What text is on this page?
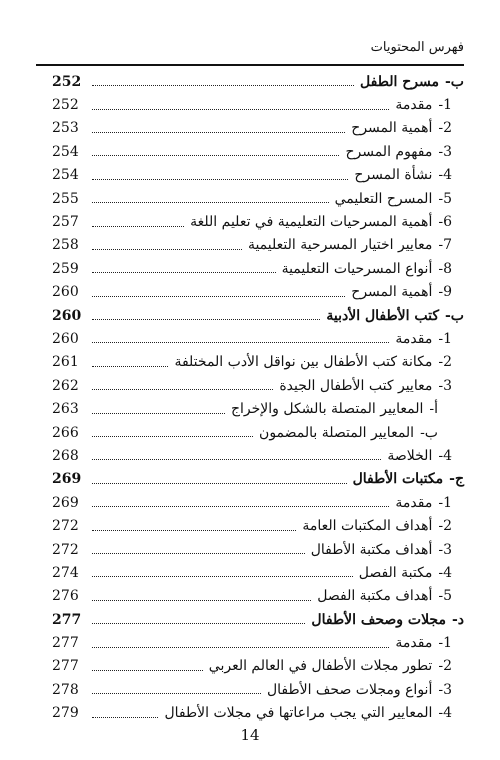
فهرس المحتويات
ب-
مسرح الطفل
252
1-
مقدمة
252
2-
أهمية المسرح
253
3-
مفهوم المسرح
254
4-
نشأة المسرح
254
5-
المسرح التعليمي
255
6-
أهمية المسرحيات التعليمية في تعليم اللغة
257
7-
معايير اختيار المسرحية التعليمية
258
8-
أنواع المسرحيات التعليمية
259
9-
أهمية المسرح
260
ب-
كتب الأطفال الأدبية
260
1-
مقدمة
260
2-
مكانة كتب الأطفال بين نواقل الأدب المختلفة
261
3-
معايير كتب الأطفال الجيدة
262
أ-
المعايير المتصلة بالشكل والإخراج
263
ب-
المعايير المتصلة بالمضمون
266
4-
الخلاصة
268
ج-
مكتبات الأطفال
269
1-
مقدمة
269
2-
أهداف المكتبات العامة
272
3-
أهداف مكتبة الأطفال
272
4-
مكتبة الفصل
274
5-
أهداف مكتبة الفصل
276
د-
مجلات وصحف الأطفال
277
1-
مقدمة
277
2-
تطور مجلات الأطفال في العالم العربي
277
3-
أنواع ومجلات صحف الأطفال
278
4-
المعايير التي يجب مراعاتها في مجلات الأطفال
279
14
